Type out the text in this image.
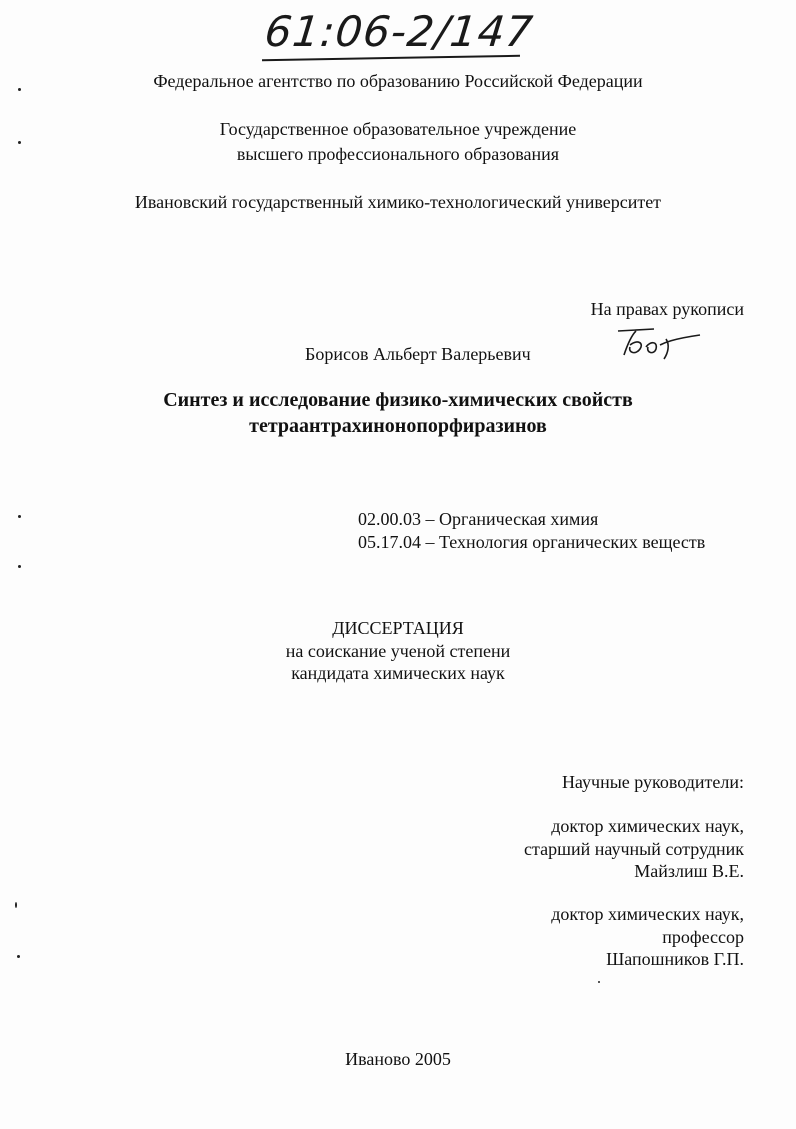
61:06-2/147
Федеральное агентство по образованию Российской Федерации
Государственное образовательное учреждение
высшего профессионального образования
Ивановский государственный химико-технологический университет
На правах рукописи
Борисов Альберт Валерьевич
Синтез и исследование физико-химических свойств
тетраантрахинонопорфиразинов
02.00.03 – Органическая химия
05.17.04 – Технология органических веществ
ДИССЕРТАЦИЯ
на соискание ученой степени
кандидата химических наук
Научные руководители:
доктор химических наук,
старший научный сотрудник
Майзлиш В.Е.
доктор химических наук,
профессор
Шапошников Г.П.
Иваново 2005
